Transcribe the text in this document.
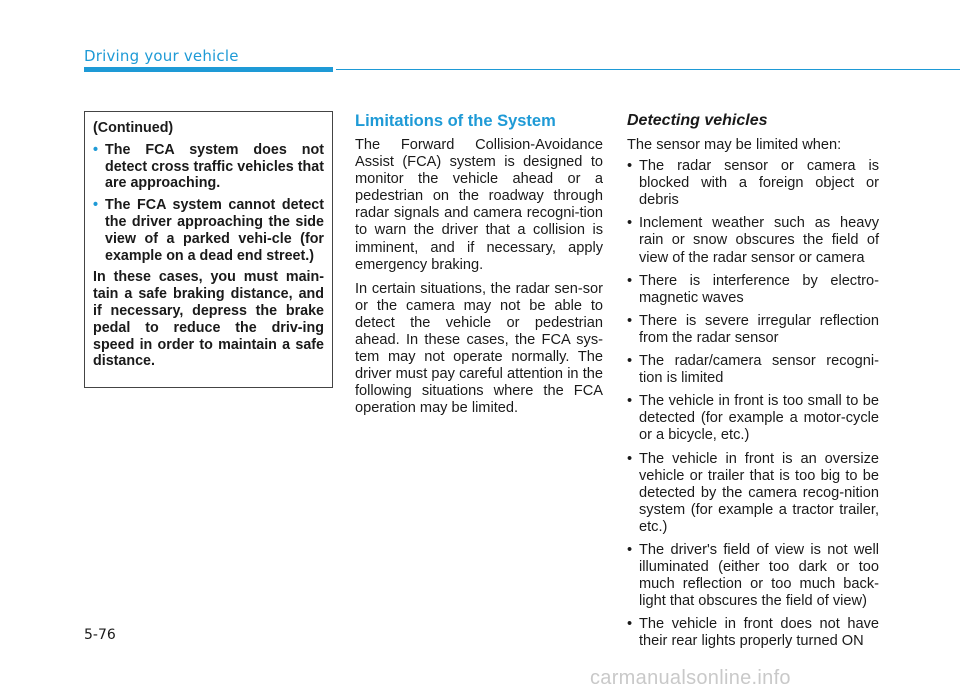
Driving your vehicle

(Continued)

• The FCA system does not detect cross traffic vehicles that are approaching.
• The FCA system cannot detect the driver approaching the side view of a parked vehi-cle (for example on a dead end street.)

In these cases, you must main-tain a safe braking distance, and if necessary, depress the brake pedal to reduce the driv-ing speed in order to maintain a safe distance.

Limitations of the System

The Forward Collision-Avoidance Assist (FCA) system is designed to monitor the vehicle ahead or a pedestrian on the roadway through radar signals and camera recogni-tion to warn the driver that a collision is imminent, and if necessary, apply emergency braking.

In certain situations, the radar sen-sor or the camera may not be able to detect the vehicle or pedestrian ahead. In these cases, the FCA sys-tem may not operate normally. The driver must pay careful attention in the following situations where the FCA operation may be limited.

Detecting vehicles

The sensor may be limited when:

• The radar sensor or camera is blocked with a foreign object or debris
• Inclement weather such as heavy rain or snow obscures the field of view of the radar sensor or camera
• There is interference by electro-magnetic waves
• There is severe irregular reflection from the radar sensor
• The radar/camera sensor recogni-tion is limited
• The vehicle in front is too small to be detected (for example a motor-cycle or a bicycle, etc.)
• The vehicle in front is an oversize vehicle or trailer that is too big to be detected by the camera recog-nition system (for example a tractor trailer, etc.)
• The driver's field of view is not well illuminated (either too dark or too much reflection or too much back-light that obscures the field of view)
• The vehicle in front does not have their rear lights properly turned ON
5-76
carmanualsonline.info
